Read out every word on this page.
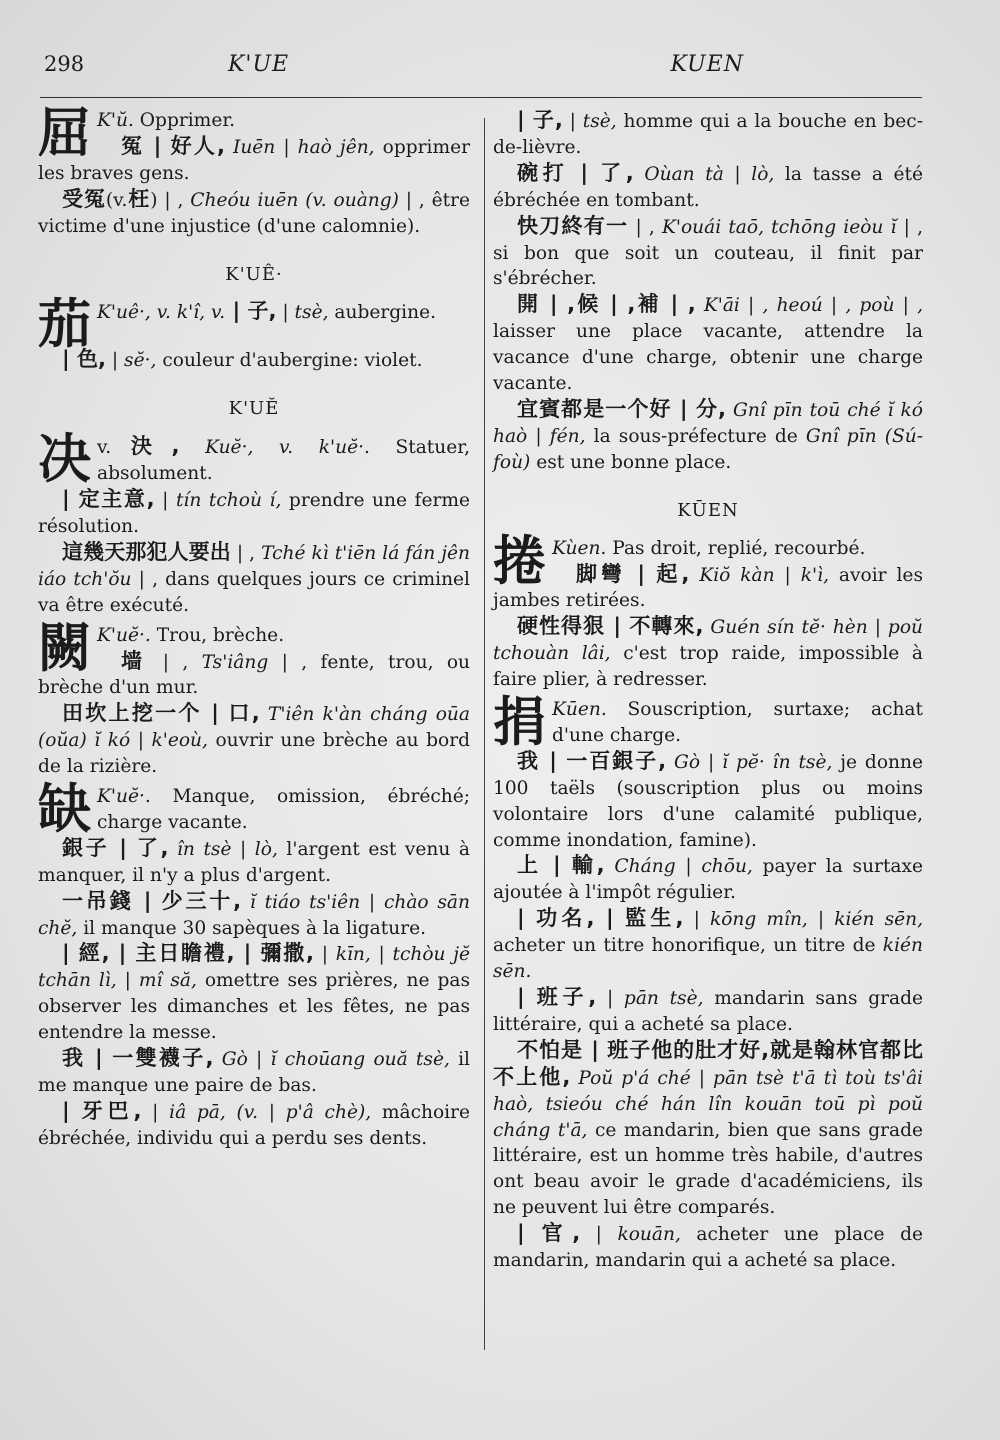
298	K'UE	KUEN

屈 K'ŭ. Opprimer.

冤 | 好人, Iuēn | haò jên, opprimer les braves gens.

受冤(v.枉) | , Cheóu iuēn (v. ouàng) | , être victime d'une injustice (d'une calomnie).

K'UÊ·

茄 K'uê·, v. k'î, v. | 子, | tsè, aubergine.

| 色, | sĕ·, couleur d'aubergine: violet.

K'UĔ

决 v.決, Kuĕ·, v. k'uĕ·. Statuer, absolument.

| 定主意, | tín tchoù í, prendre une ferme résolution.

這幾天那犯人要出 | , Tché kì t'iēn lá fán jên iáo tch'ŏu | , dans quelques jours ce criminel va être exécuté.

闕 K'uĕ·. Trou, brèche.

墙 | , Ts'iâng | , fente, trou, ou brèche d'un mur.

田坎上挖一个 | 口, T'iên k'àn cháng oūa (oŭa) ĭ kó | k'eoù, ouvrir une brèche au bord de la rizière.

缺 K'uĕ·. Manque, omission, ébréché; charge vacante.

銀子 | 了, în tsè | lò, l'argent est venu à manquer, il n'y a plus d'argent.

一吊錢 | 少三十, ĭ tiáo ts'iên | chào sān chĕ, il manque 30 sapèques à la ligature.

| 經, | 主日瞻禮, | 彌撒, | kīn, | tchòu jĕ tchān lì, | mî să, omettre ses prières, ne pas observer les dimanches et les fêtes, ne pas entendre la messe.

我 | 一雙襪子, Gò | ĭ choūang ouă tsè, il me manque une paire de bas.

| 牙巴, | iâ pā, (v. | p'â chè), mâchoire ébréchée, individu qui a perdu ses dents.

| 子, | tsè, homme qui a la bouche en bec-de-lièvre.

碗打 | 了, Oùan tà | lò, la tasse a été ébréchée en tombant.

快刀終有一 | , K'ouái taō, tchōng ieòu ĭ | , si bon que soit un couteau, il finit par s'ébrécher.

開 | ,候 | ,補 | , K'āi | , heoú | , poù | , laisser une place vacante, attendre la vacance d'une charge, obtenir une charge vacante.

宜賓都是一个好 | 分, Gnî pīn toū ché ĭ kó haò | fén, la sous-préfecture de Gnî pīn (Sú-foù) est une bonne place.

KŪEN

捲 Kùen. Pas droit, replié, recourbé.

脚彎 | 起, Kiŏ kàn | k'ì, avoir les jambes retirées.

硬性得狠 | 不轉來, Guén sín tĕ· hèn | poŭ tchouàn lâi, c'est trop raide, impossible à faire plier, à redresser.

捐 Kūen. Souscription, surtaxe; achat d'une charge.

我 | 一百銀子, Gò | ĭ pĕ· în tsè, je donne 100 taëls (souscription plus ou moins volontaire lors d'une calamité publique, comme inondation, famine).

上 | 輸, Cháng | chōu, payer la surtaxe ajoutée à l'impôt régulier.

| 功名, | 監生, | kōng mîn, | kién sēn, acheter un titre honorifique, un titre de kién sēn.

| 班子, | pān tsè, mandarin sans grade littéraire, qui a acheté sa place.

不怕是 | 班子他的肚才好,就是翰林官都比不上他, Poŭ p'á ché | pān tsè t'ā tì toù ts'âi haò, tsieóu ché hán lîn kouān toū pì poŭ cháng t'ā, ce mandarin, bien que sans grade littéraire, est un homme très habile, d'autres ont beau avoir le grade d'académiciens, ils ne peuvent lui être comparés.

| 官, | kouān, acheter une place de mandarin, mandarin qui a acheté sa place.
